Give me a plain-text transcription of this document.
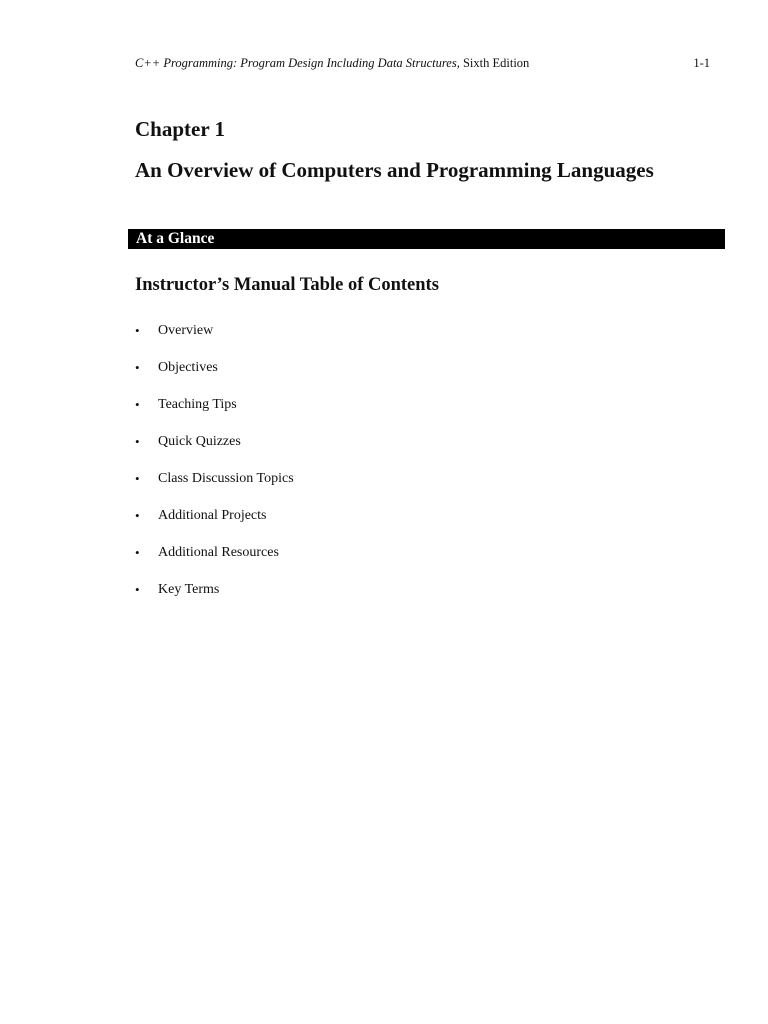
C++ Programming: Program Design Including Data Structures, Sixth Edition	1-1
Chapter 1
An Overview of Computers and Programming Languages
At a Glance
Instructor’s Manual Table of Contents
• Overview
• Objectives
• Teaching Tips
• Quick Quizzes
• Class Discussion Topics
• Additional Projects
• Additional Resources
• Key Terms
